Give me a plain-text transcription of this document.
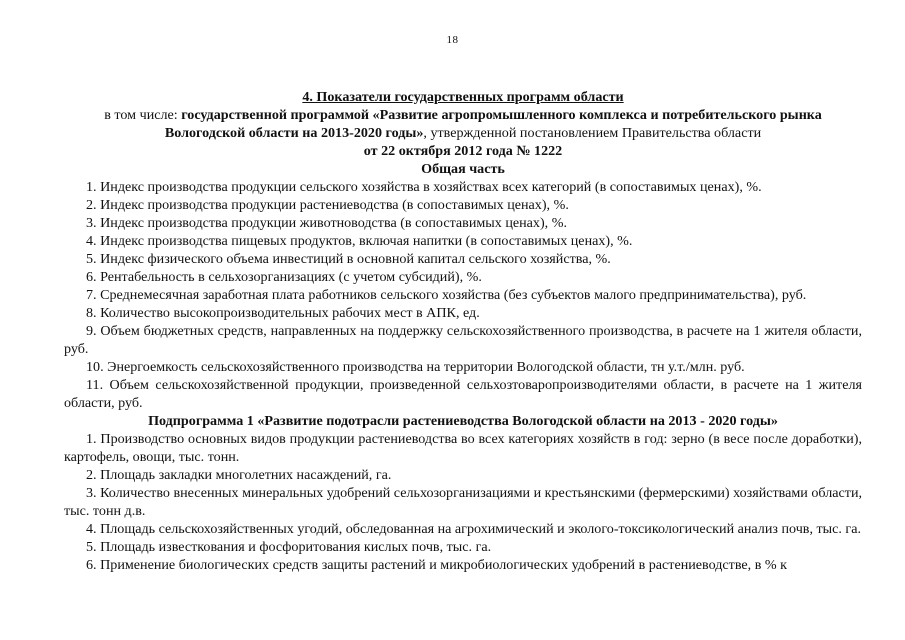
18

4. Показатели государственных программ области

в том числе: государственной программой «Развитие агропромышленного комплекса и потребительского рынка

Вологодской области на 2013-2020 годы», утвержденной постановлением Правительства области

от 22 октября 2012 года № 1222

Общая часть

1. Индекс производства продукции сельского хозяйства в хозяйствах всех категорий (в сопоставимых ценах), %.

2. Индекс производства продукции растениеводства (в сопоставимых ценах), %.

3. Индекс производства продукции животноводства (в сопоставимых ценах), %.

4. Индекс производства пищевых продуктов, включая напитки (в сопоставимых ценах), %.

5. Индекс физического объема инвестиций в основной капитал сельского хозяйства, %.

6. Рентабельность в сельхозорганизациях (с учетом субсидий), %.

7. Среднемесячная заработная плата работников сельского хозяйства (без субъектов малого предпринимательства), руб.

8. Количество высокопроизводительных рабочих мест в АПК, ед.

9. Объем бюджетных средств, направленных на поддержку сельскохозяйственного производства, в расчете на 1 жителя области, руб.

10. Энергоемкость сельскохозяйственного производства на территории Вологодской области, тн у.т./млн. руб.

11. Объем сельскохозяйственной продукции, произведенной сельхозтоваропроизводителями области, в расчете на 1 жителя области, руб.

Подпрограмма 1 «Развитие подотрасли растениеводства Вологодской области на 2013 - 2020 годы»

1. Производство основных видов продукции растениеводства во всех категориях хозяйств в год: зерно (в весе после доработки), картофель, овощи, тыс. тонн.

2. Площадь закладки многолетних насаждений, га.

3. Количество внесенных минеральных удобрений сельхозорганизациями и крестьянскими (фермерскими) хозяйствами области, тыс. тонн д.в.

4. Площадь сельскохозяйственных угодий, обследованная на агрохимический и эколого-токсикологический анализ почв, тыс. га.

5. Площадь известкования и фосфоритования кислых почв, тыс. га.

6. Применение биологических средств защиты растений и микробиологических удобрений в растениеводстве, в % к
